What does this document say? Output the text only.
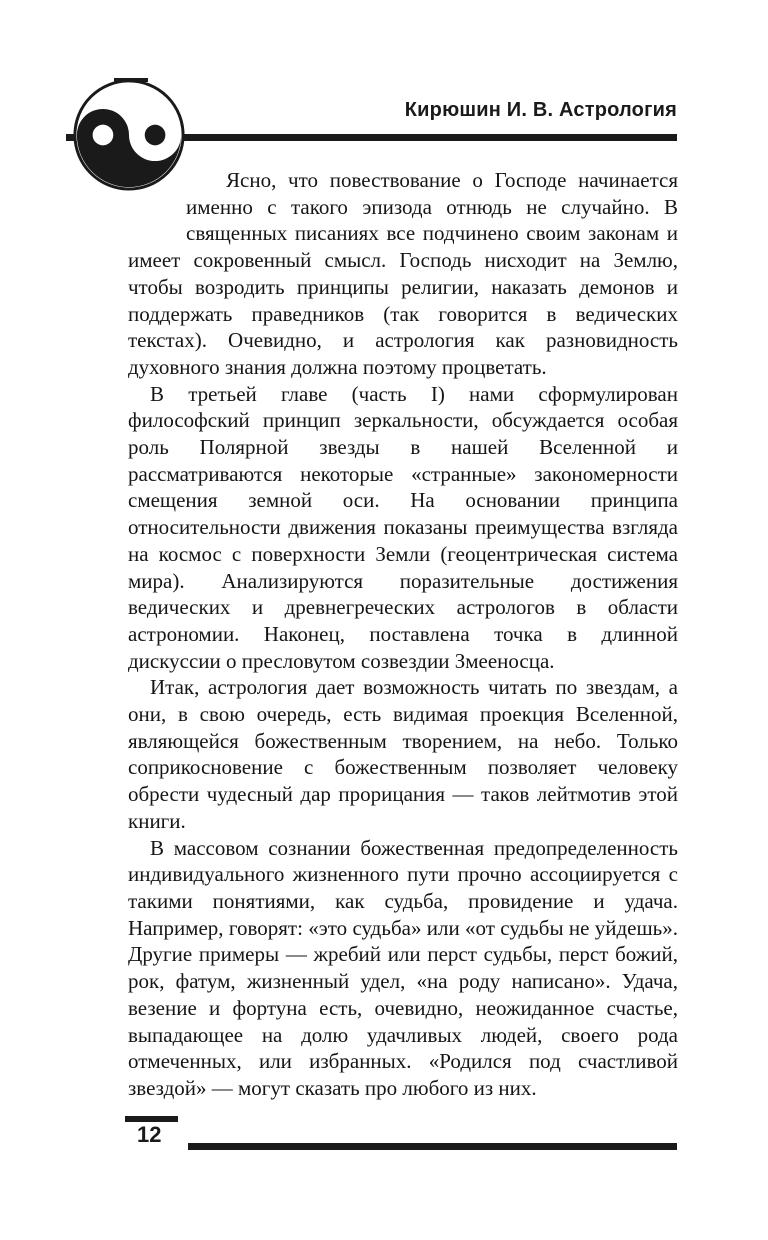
Кирюшин И. В. Астрология

Ясно, что повествование о Господе начинается именно с такого эпизода отнюдь не случайно. В священных писаниях все подчинено своим законам и имеет сокровенный смысл. Господь нисходит на Землю, чтобы возродить принципы религии, наказать демонов и поддержать праведников (так говорится в ведических текстах). Очевидно, и астрология как разновидность духовного знания должна поэтому процветать.

В третьей главе (часть I) нами сформулирован философский принцип зеркальности, обсуждается особая роль Полярной звезды в нашей Вселенной и рассматриваются некоторые «странные» закономерности смещения земной оси. На основании принципа относительности движения показаны преимущества взгляда на космос с поверхности Земли (геоцентрическая система мира). Анализируются поразительные достижения ведических и древнегреческих астрологов в области астрономии. Наконец, поставлена точка в длинной дискуссии о пресловутом созвездии Змееносца.

Итак, астрология дает возможность читать по звездам, а они, в свою очередь, есть видимая проекция Вселенной, являющейся божественным творением, на небо. Только соприкосновение с божественным позволяет человеку обрести чудесный дар прорицания — таков лейтмотив этой книги.

В массовом сознании божественная предопределенность индивидуального жизненного пути прочно ассоциируется с такими понятиями, как судьба, провидение и удача. Например, говорят: «это судьба» или «от судьбы не уйдешь». Другие примеры — жребий или перст судьбы, перст божий, рок, фатум, жизненный удел, «на роду написано». Удача, везение и фортуна есть, очевидно, неожиданное счастье, выпадающее на долю удачливых людей, своего рода отмеченных, или избранных. «Родился под счастливой звездой» — могут сказать про любого из них.

12
